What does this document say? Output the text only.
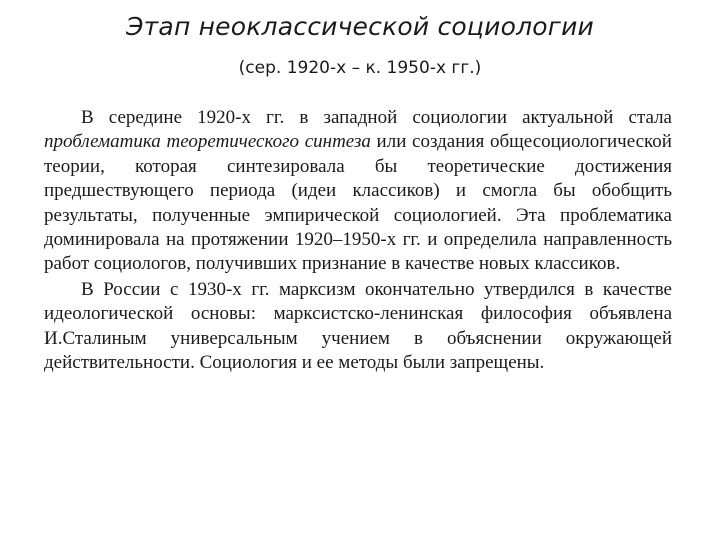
Этап неоклассической социологии
(сер. 1920‑х – к. 1950‑х гг.)

В середине 1920-х гг. в западной социологии актуальной стала проблематика теоретического синтеза или создания общесоциологической теории, которая синтезировала бы теоретические достижения предшествующего периода (идеи классиков) и смогла бы обобщить результаты, полученные эмпирической социологией. Эта проблематика доминировала на протяжении 1920–1950-х гг. и определила направленность работ социологов, получивших признание в качестве новых классиков.

В России с 1930-х гг. марксизм окончательно утвердился в качестве идеологической основы: марксистско-ленинская философия объявлена И.Сталиным универсальным учением в объяснении окружающей действительности. Социология и ее методы были запрещены.
